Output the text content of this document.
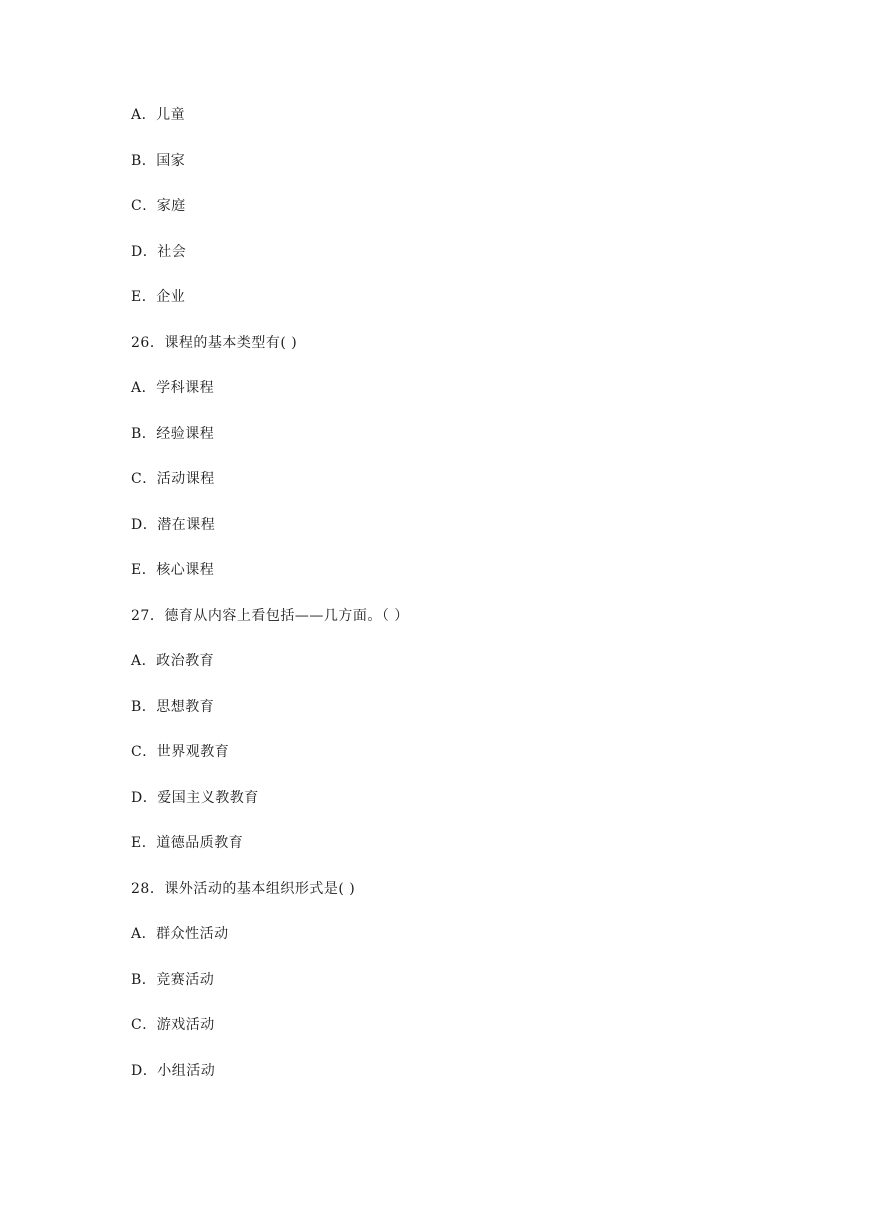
A．儿童
B．国家
C．家庭
D．社会
E．企业
26．课程的基本类型有( )
A．学科课程
B．经验课程
C．活动课程
D．潜在课程
E．核心课程
27．德育从内容上看包括——几方面。（ ）
A．政治教育
B．思想教育
C．世界观教育
D．爱国主义教教育
E．道德品质教育
28．课外活动的基本组织形式是( )
A．群众性活动
B．竞赛活动
C．游戏活动
D．小组活动
